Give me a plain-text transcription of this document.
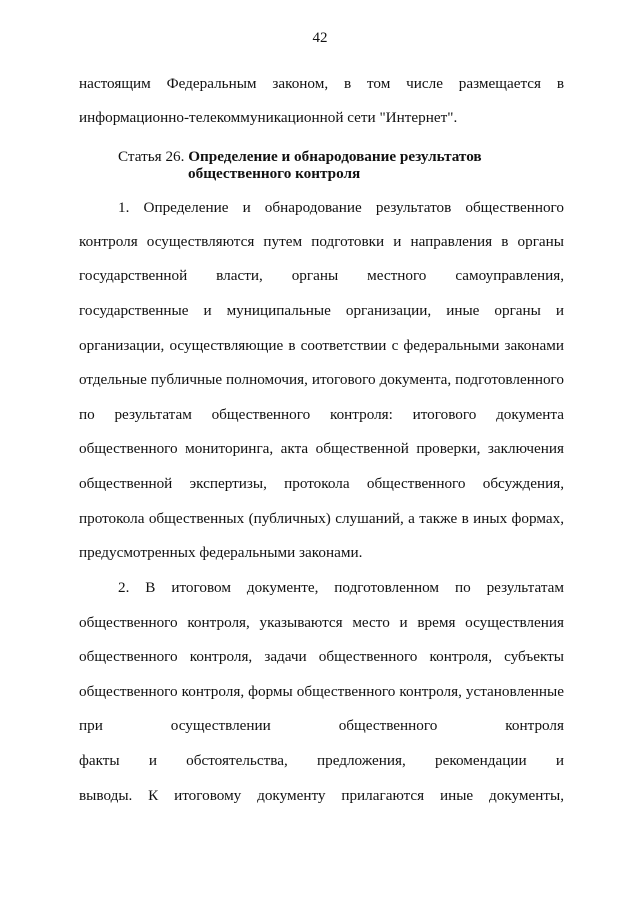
42
настоящим Федеральным законом, в том числе размещается в
информационно-телекоммуникационной сети "Интернет".
Статья 26. Определение и обнародование результатов
общественного контроля
1. Определение и обнародование результатов общественного
контроля осуществляются путем подготовки и направления в органы
государственной власти, органы местного самоуправления,
государственные и муниципальные организации, иные органы и
организации, осуществляющие в соответствии с федеральными законами
отдельные публичные полномочия, итогового документа, подготовленного
по результатам общественного контроля: итогового документа
общественного мониторинга, акта общественной проверки, заключения
общественной экспертизы, протокола общественного обсуждения,
протокола общественных (публичных) слушаний, а также в иных формах,
предусмотренных федеральными законами.
2. В итоговом документе, подготовленном по результатам
общественного контроля, указываются место и время осуществления
общественного контроля, задачи общественного контроля, субъекты
общественного контроля, формы общественного контроля, установленные
при осуществлении общественного контроля
факты и обстоятельства, предложения, рекомендации и
выводы. К итоговому документу прилагаются иные документы,
